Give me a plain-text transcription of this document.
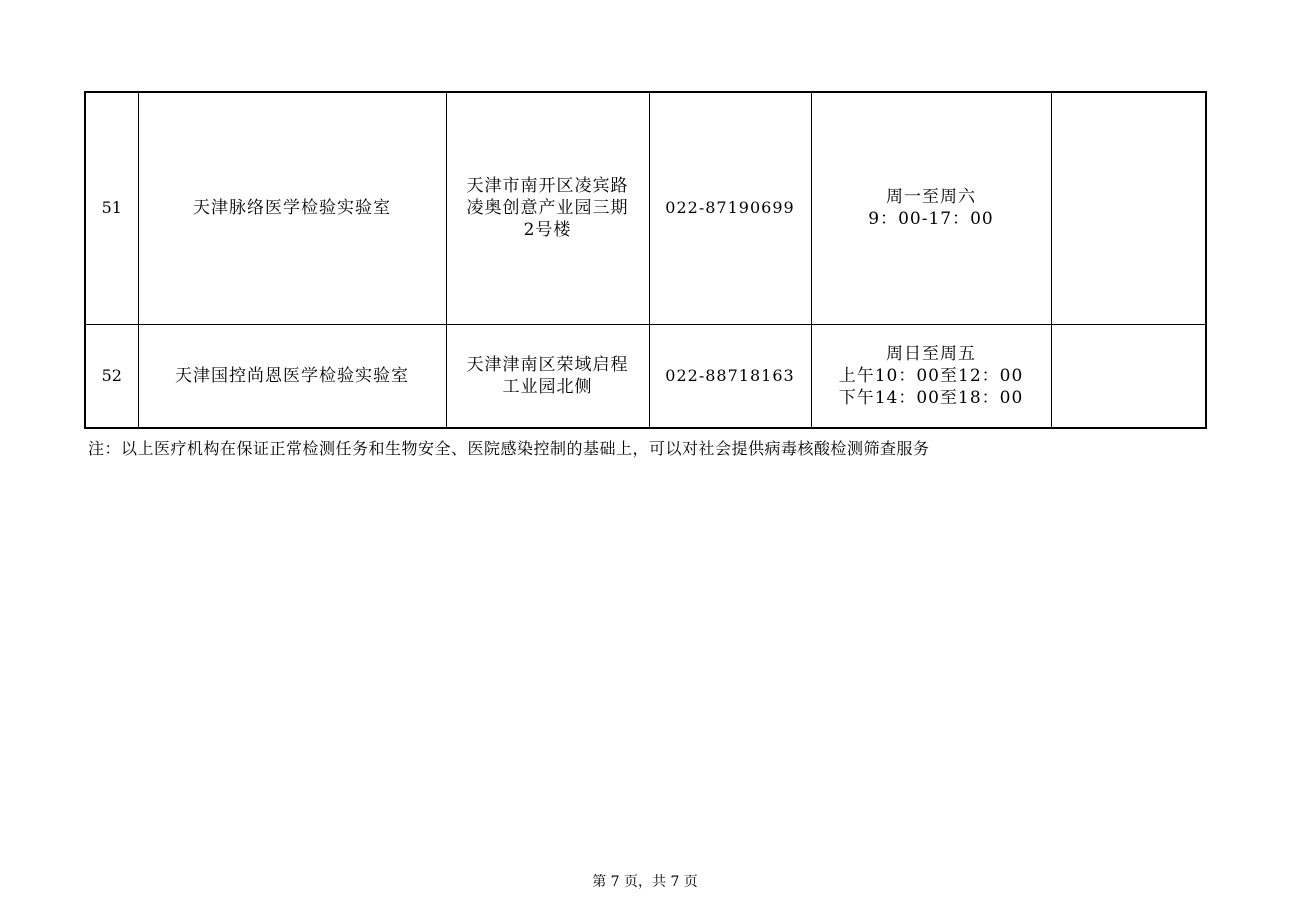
51	天津脉络医学检验实验室	天津市南开区凌宾路
凌奥创意产业园三期
2号楼	022-87190699	周一至周六
9：00-17：00	
52	天津国控尚恩医学检验实验室	天津津南区荣域启程
工业园北侧	022-88718163	周日至周五
上午10：00至12：00
下午14：00至18：00	
注：以上医疗机构在保证正常检测任务和生物安全、医院感染控制的基础上，可以对社会提供病毒核酸检测筛查服务
第 7 页，共 7 页
